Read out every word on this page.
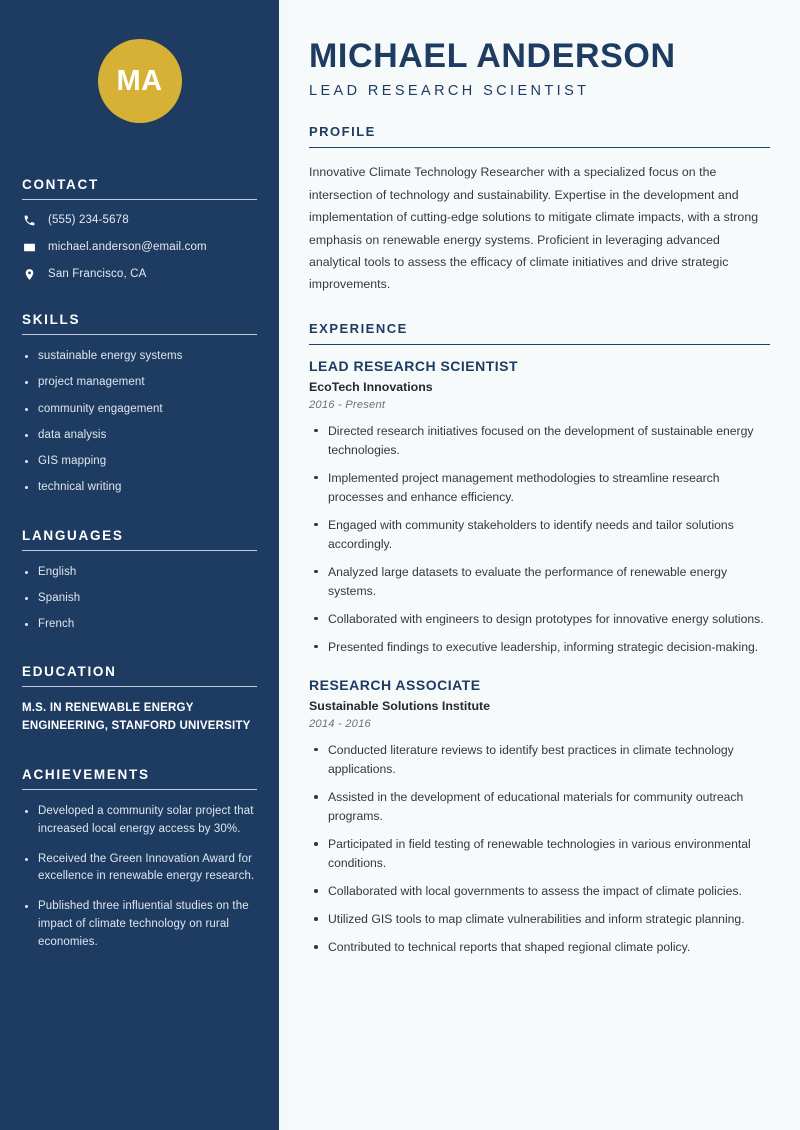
MA
CONTACT
(555) 234-5678
michael.anderson@email.com
San Francisco, CA
SKILLS
sustainable energy systems
project management
community engagement
data analysis
GIS mapping
technical writing
LANGUAGES
English
Spanish
French
EDUCATION
M.S. IN RENEWABLE ENERGY ENGINEERING, STANFORD UNIVERSITY
ACHIEVEMENTS
Developed a community solar project that increased local energy access by 30%.
Received the Green Innovation Award for excellence in renewable energy research.
Published three influential studies on the impact of climate technology on rural economies.
MICHAEL ANDERSON
LEAD RESEARCH SCIENTIST
PROFILE

Innovative Climate Technology Researcher with a specialized focus on the intersection of technology and sustainability. Expertise in the development and implementation of cutting-edge solutions to mitigate climate impacts, with a strong emphasis on renewable energy systems. Proficient in leveraging advanced analytical tools to assess the efficacy of climate initiatives and drive strategic improvements.

EXPERIENCE
LEAD RESEARCH SCIENTIST
EcoTech Innovations
2016 - Present
Directed research initiatives focused on the development of sustainable energy technologies.
Implemented project management methodologies to streamline research processes and enhance efficiency.
Engaged with community stakeholders to identify needs and tailor solutions accordingly.
Analyzed large datasets to evaluate the performance of renewable energy systems.
Collaborated with engineers to design prototypes for innovative energy solutions.
Presented findings to executive leadership, informing strategic decision-making.
RESEARCH ASSOCIATE
Sustainable Solutions Institute
2014 - 2016
Conducted literature reviews to identify best practices in climate technology applications.
Assisted in the development of educational materials for community outreach programs.
Participated in field testing of renewable technologies in various environmental conditions.
Collaborated with local governments to assess the impact of climate policies.
Utilized GIS tools to map climate vulnerabilities and inform strategic planning.
Contributed to technical reports that shaped regional climate policy.
